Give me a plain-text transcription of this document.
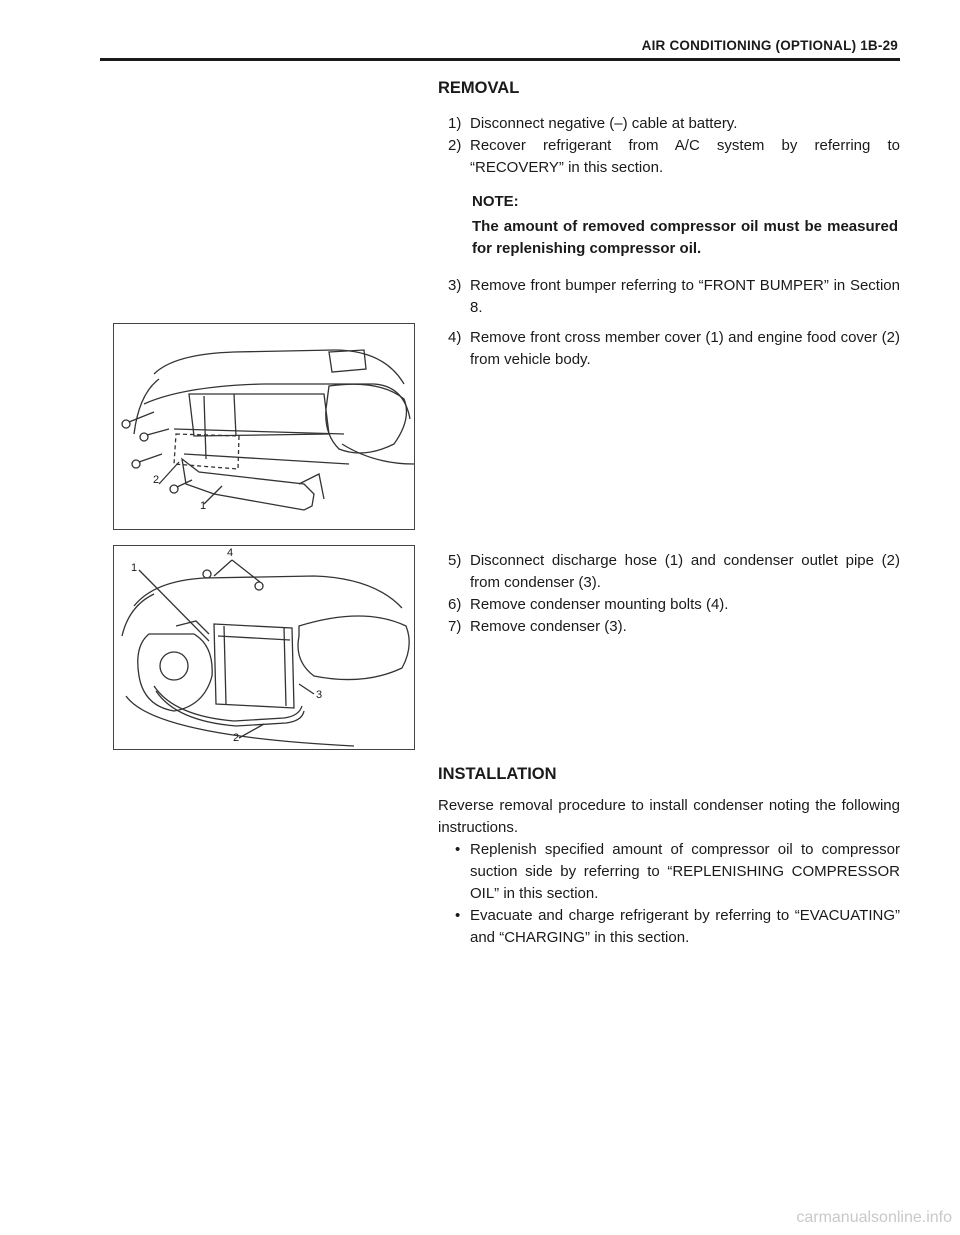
AIR CONDITIONING (OPTIONAL) 1B-29
REMOVAL
1) Disconnect negative (–) cable at battery.
2) Recover refrigerant from A/C system by referring to “RECOVERY” in this section.
NOTE:
The amount of removed compressor oil must be measured for replenishing compressor oil.
3) Remove front bumper referring to “FRONT BUMPER” in Section 8.
4) Remove front cross member cover (1) and engine food cover (2) from vehicle body.
2
1
5) Disconnect discharge hose (1) and condenser outlet pipe (2) from condenser (3).
6) Remove condenser mounting bolts (4).
7) Remove condenser (3).
1
4
3
2
INSTALLATION
Reverse removal procedure to install condenser noting the following instructions.
• Replenish specified amount of compressor oil to compressor suction side by referring to “REPLENISHING COMPRESSOR OIL” in this section.
• Evacuate and charge refrigerant by referring to “EVACUATING” and “CHARGING” in this section.
carmanualsonline.info
